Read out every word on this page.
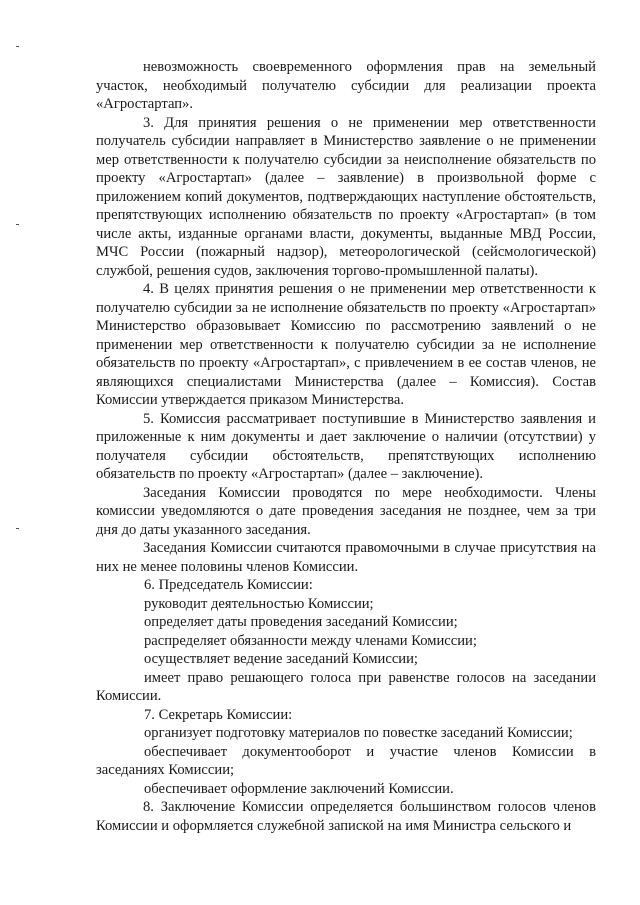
невозможность своевременного оформления прав на земельный участок, необходимый получателю субсидии для реализации проекта «Агростартап».

3. Для принятия решения о не применении мер ответственности получатель субсидии направляет в Министерство заявление о не применении мер ответственности к получателю субсидии за неисполнение обязательств по проекту «Агростартап» (далее – заявление) в произвольной форме с приложением копий документов, подтверждающих наступление обстоятельств, препятствующих исполнению обязательств по проекту «Агростартап» (в том числе акты, изданные органами власти, документы, выданные МВД России, МЧС России (пожарный надзор), метеорологической (сейсмологической) службой, решения судов, заключения торгово-промышленной палаты).

4. В целях принятия решения о не применении мер ответственности к получателю субсидии за не исполнение обязательств по проекту «Агростартап» Министерство образовывает Комиссию по рассмотрению заявлений о не применении мер ответственности к получателю субсидии за не исполнение обязательств по проекту «Агростартап», с привлечением в ее состав членов, не являющихся специалистами Министерства (далее – Комиссия). Состав Комиссии утверждается приказом Министерства.

5. Комиссия рассматривает поступившие в Министерство заявления и приложенные к ним документы и дает заключение о наличии (отсутствии) у получателя субсидии обстоятельств, препятствующих исполнению обязательств по проекту «Агростартап» (далее – заключение).

Заседания Комиссии проводятся по мере необходимости. Члены комиссии уведомляются о дате проведения заседания не позднее, чем за три дня до даты указанного заседания.

Заседания Комиссии считаются правомочными в случае присутствия на них не менее половины членов Комиссии.

6. Председатель Комиссии:

руководит деятельностью Комиссии;

определяет даты проведения заседаний Комиссии;

распределяет обязанности между членами Комиссии;

осуществляет ведение заседаний Комиссии;

имеет право решающего голоса при равенстве голосов на заседании Комиссии.

7. Секретарь Комиссии:

организует подготовку материалов по повестке заседаний Комиссии;

обеспечивает документооборот и участие членов Комиссии в заседаниях Комиссии;

обеспечивает оформление заключений Комиссии.

8. Заключение Комиссии определяется большинством голосов членов Комиссии и оформляется служебной запиской на имя Министра сельского и
